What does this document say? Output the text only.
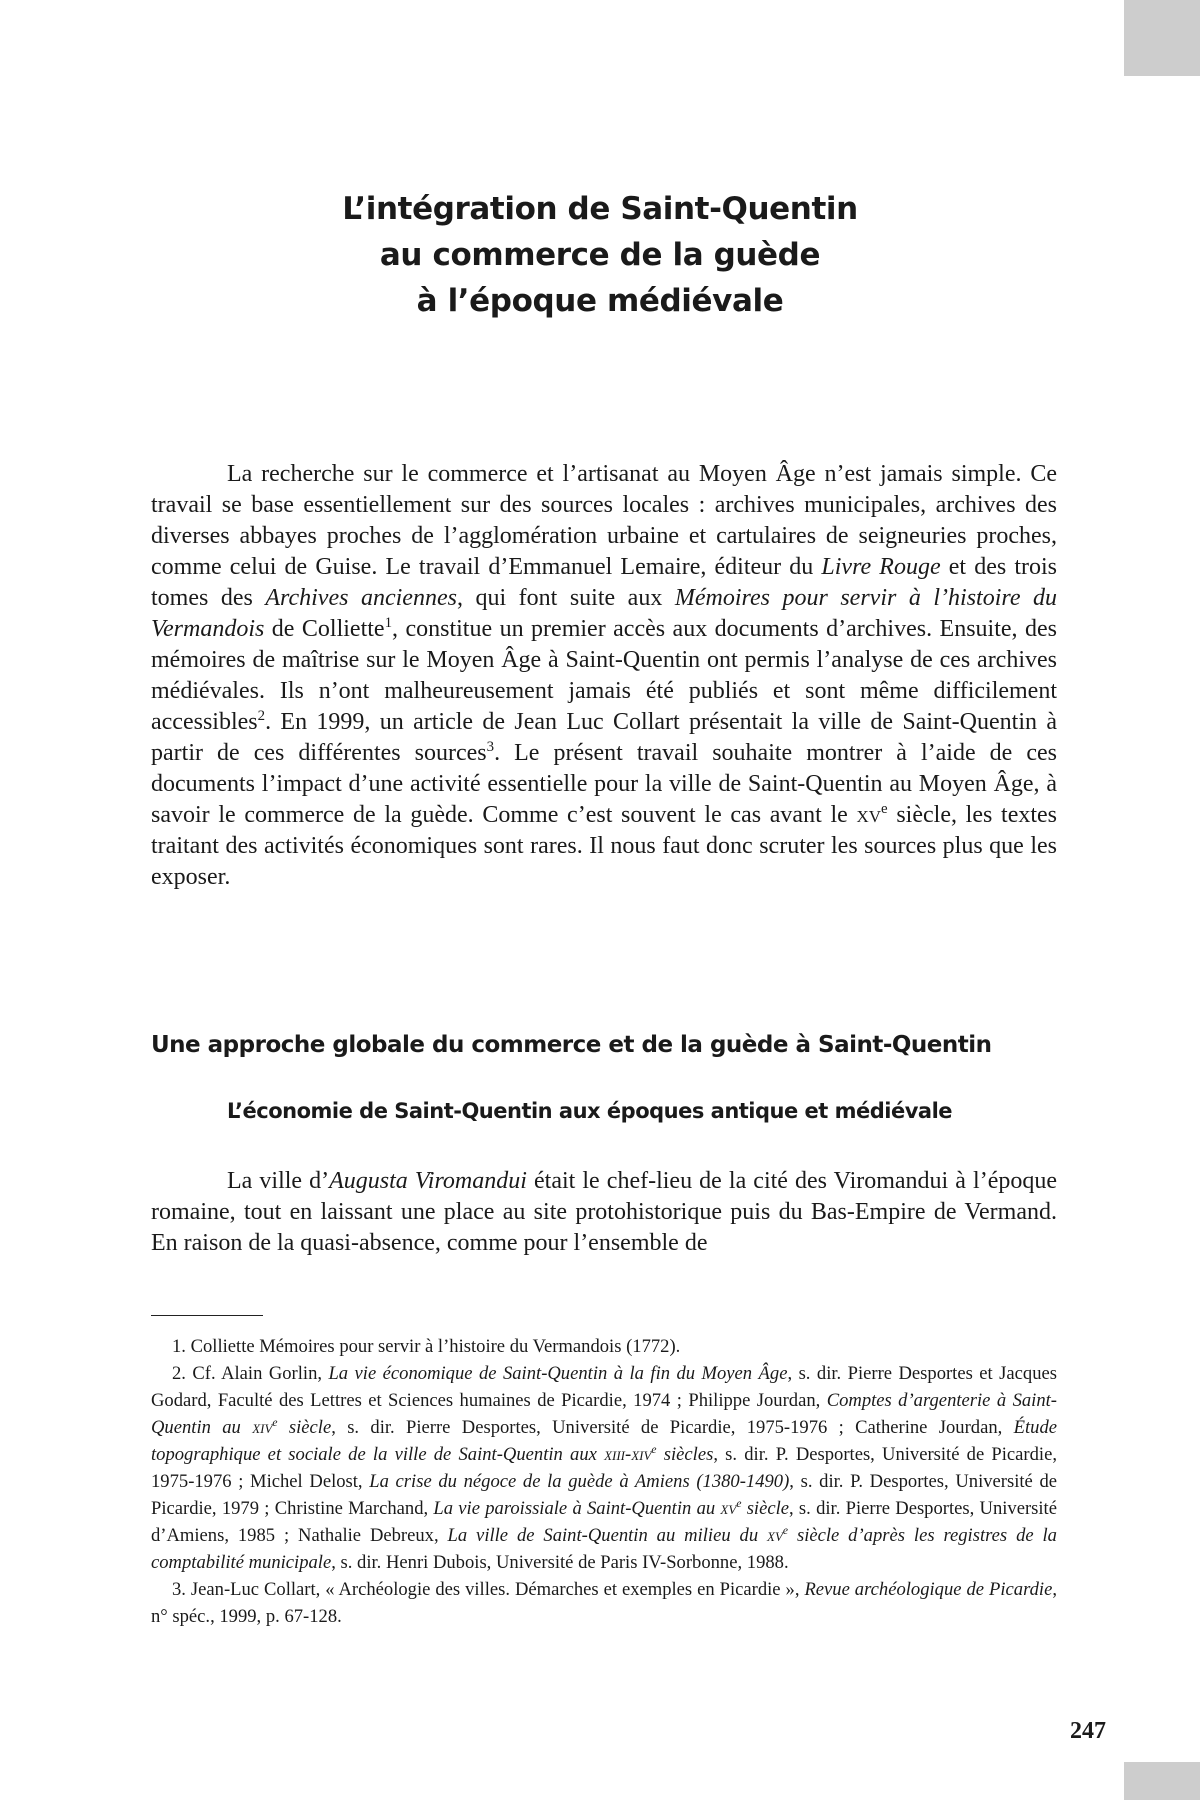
L’intégration de Saint-Quentin
au commerce de la guède
à l’époque médiévale

La recherche sur le commerce et l’artisanat au Moyen Âge n’est jamais simple. Ce travail se base essentiellement sur des sources locales : archives municipales, archives des diverses abbayes proches de l’agglomération urbaine et cartulaires de seigneuries proches, comme celui de Guise. Le travail d’Emmanuel Lemaire, éditeur du Livre Rouge et des trois tomes des Archives anciennes, qui font suite aux Mémoires pour servir à l’histoire du Vermandois de Colliette$^1$, constitue un premier accès aux documents d’archives. Ensuite, des mémoires de maîtrise sur le Moyen Âge à Saint-Quentin ont permis l’analyse de ces archives médiévales. Ils n’ont malheureusement jamais été publiés et sont même difficilement accessibles$^2$. En 1999, un article de Jean Luc Collart présentait la ville de Saint-Quentin à partir de ces différentes sources$^3$. Le présent travail souhaite montrer à l’aide de ces documents l’impact d’une activité essentielle pour la ville de Saint-Quentin au Moyen Âge, à savoir le commerce de la guède. Comme c’est souvent le cas avant le $xv^e$ siècle, les textes traitant des activités économiques sont rares. Il nous faut donc scruter les sources plus que les exposer.

Une approche globale du commerce et de la guède à Saint-Quentin
L’économie de Saint-Quentin aux époques antique et médiévale

La ville d’Augusta Viromandui était le chef-lieu de la cité des Viromandui à l’époque romaine, tout en laissant une place au site protohistorique puis du Bas-Empire de Vermand. En raison de la quasi-absence, comme pour l’ensemble de

1. Colliette Mémoires pour servir à l’histoire du Vermandois (1772).

2. Cf. Alain Gorlin, La vie économique de Saint-Quentin à la fin du Moyen Âge, s. dir. Pierre Desportes et Jacques Godard, Faculté des Lettres et Sciences humaines de Picardie, 1974 ; Philippe Jourdan, Comptes d’argenterie à Saint-Quentin au xiv$^e$ siècle, s. dir. Pierre Desportes, Université de Picardie, 1975-1976 ; Catherine Jourdan, Étude topographique et sociale de la ville de Saint-Quentin aux xiii-xiv$^e$ siècles, s. dir. P. Desportes, Université de Picardie, 1975-1976 ; Michel Delost, La crise du négoce de la guède à Amiens (1380-1490), s. dir. P. Desportes, Université de Picardie, 1979 ; Christine Marchand, La vie paroissiale à Saint-Quentin au $xv^e$ siècle, s. dir. Pierre Desportes, Université d’Amiens, 1985 ; Nathalie Debreux, La ville de Saint-Quentin au milieu du $xv^e$ siècle d’après les registres de la comptabilité municipale, s. dir. Henri Dubois, Université de Paris IV-Sorbonne, 1988.

3. Jean-Luc Collart, « Archéologie des villes. Démarches et exemples en Picardie », Revue archéologique de Picardie, n° spéc., 1999, p. 67-128.

247
